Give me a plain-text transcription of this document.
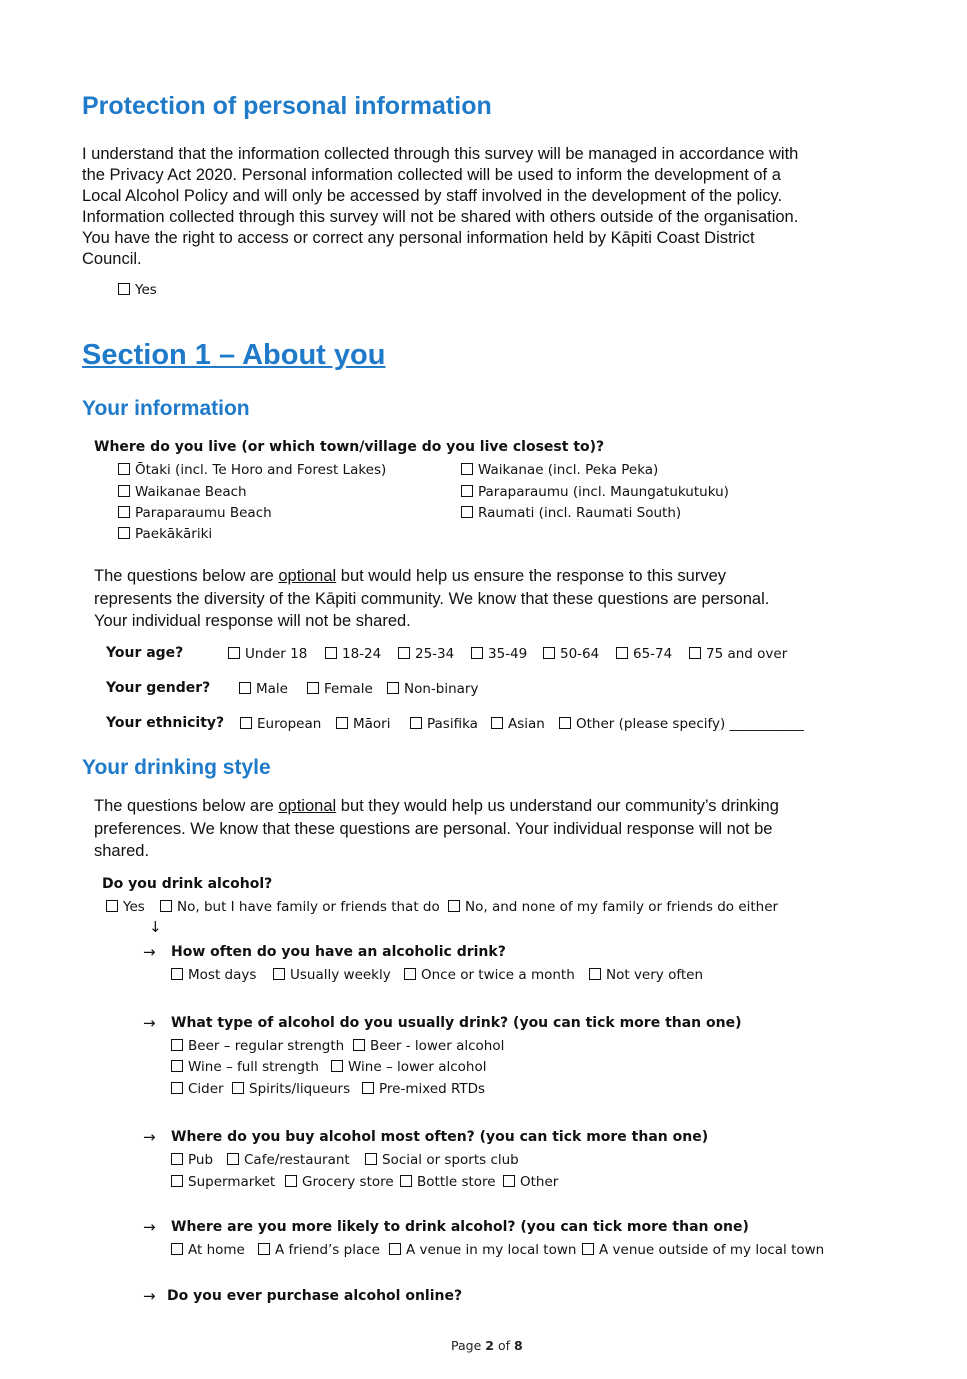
Protection of personal information
I understand that the information collected through this survey will be managed in accordance with
the Privacy Act 2020. Personal information collected will be used to inform the development of a
Local Alcohol Policy and will only be accessed by staff involved in the development of the policy.
Information collected through this survey will not be shared with others outside of the organisation.
You have the right to access or correct any personal information held by Kāpiti Coast District
Council.
Yes
Section 1 – About you
Your information
Where do you live (or which town/village do you live closest to)?
Ōtaki (incl. Te Horo and Forest Lakes)
Waikanae Beach
Paraparaumu Beach
Paekākāriki
Waikanae (incl. Peka Peka)
Paraparaumu (incl. Maungatukutuku)
Raumati (incl. Raumati South)
The questions below are optional but would help us ensure the response to this survey
represents the diversity of the Kāpiti community. We know that these questions are personal.
Your individual response will not be shared.
Your age?	Under 18	18-24	25-34	35-49	50-64	65-74	75 and over
Your gender?	Male	Female	Non-binary
Your ethnicity?	European	Māori	Pasifika	Asian	Other (please specify) ___________
Your drinking style
The questions below are optional but they would help us understand our community’s drinking
preferences. We know that these questions are personal. Your individual response will not be
shared.
Do you drink alcohol?
Yes	No, but I have family or friends that do	No, and none of my family or friends do either
↓
→ How often do you have an alcoholic drink?
Most days	Usually weekly	Once or twice a month	Not very often
→ What type of alcohol do you usually drink? (you can tick more than one)
Beer – regular strength	Beer - lower alcohol
Wine – full strength	Wine – lower alcohol
Cider	Spirits/liqueurs	Pre-mixed RTDs
→ Where do you buy alcohol most often? (you can tick more than one)
Pub	Cafe/restaurant	Social or sports club
Supermarket	Grocery store	Bottle store	Other
→ Where are you more likely to drink alcohol? (you can tick more than one)
At home	A friend’s place	A venue in my local town	A venue outside of my local town
→ Do you ever purchase alcohol online?
Page 2 of 8
